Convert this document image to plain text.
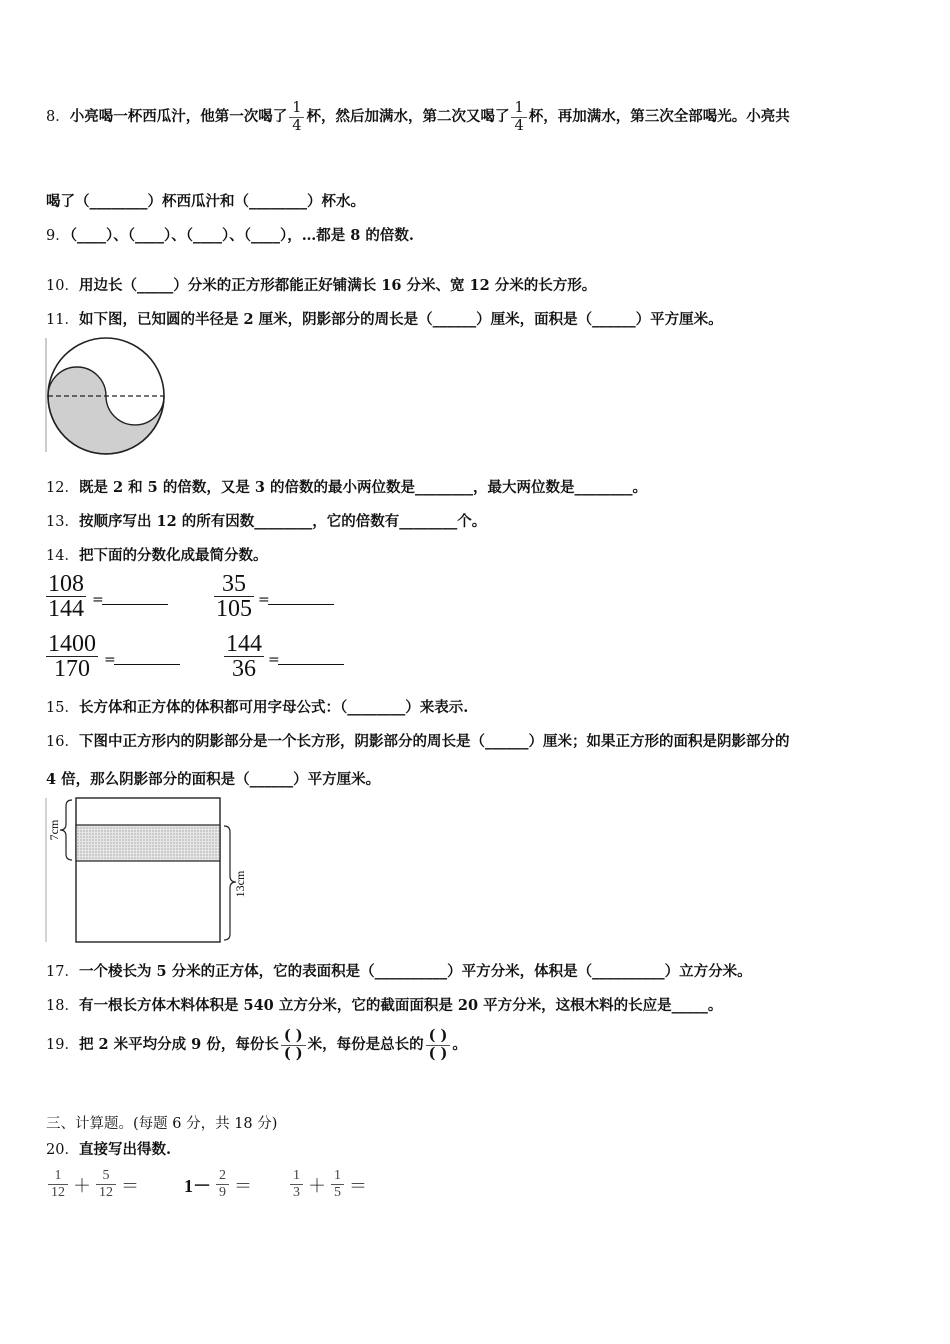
8．小亮喝一杯西瓜汁，他第一次喝了 $\frac{1}{4}$ 杯，然后加满水，第二次又喝了 $\frac{1}{4}$ 杯，再加满水，第三次全部喝光。小亮共
喝了（________）杯西瓜汁和（________）杯水。
9．（____）、（____）、（____）、（____），…都是 8 的倍数.
10．用边长（_____）分米的正方形都能正好铺满长 16 分米、宽 12 分米的长方形。
11．如下图，已知圆的半径是 2 厘米，阴影部分的周长是（______）厘米，面积是（______）平方厘米。
12．既是 2 和 5 的倍数，又是 3 的倍数的最小两位数是________，最大两位数是________。
13．按顺序写出 12 的所有因数________，它的倍数有________个。
14．把下面的分数化成最简分数。
108
144 =
35
105 =
1400
170	=
144
36 =
15．长方体和正方体的体积都可用字母公式：（________）来表示.
16．下图中正方形内的阴影部分是一个长方形，阴影部分的周长是（______）厘米；如果正方形的面积是阴影部分的
4 倍，那么阴影部分的面积是（______）平方厘米。
7cm
13cm
17．一个棱长为 5 分米的正方体，它的表面积是（__________）平方分米，体积是（__________）立方分米。
18．有一根长方体木料体积是 540 立方分米，它的截面面积是 20 平方分米，这根木料的长应是_____。
19．把 2 米平均分成 9 份，每份长 $\frac{( )}{( )}$ 米，每份是总长的 $\frac{( )}{( )}$ 。
三、计算题。(每题 6 分，共 18 分)
20．直接写出得数.
$\frac{1}{12} + \frac{5}{12}$ ＝	$1- \frac{2}{9}$ ＝	$\frac{1}{3} + \frac{1}{5}$ ＝
